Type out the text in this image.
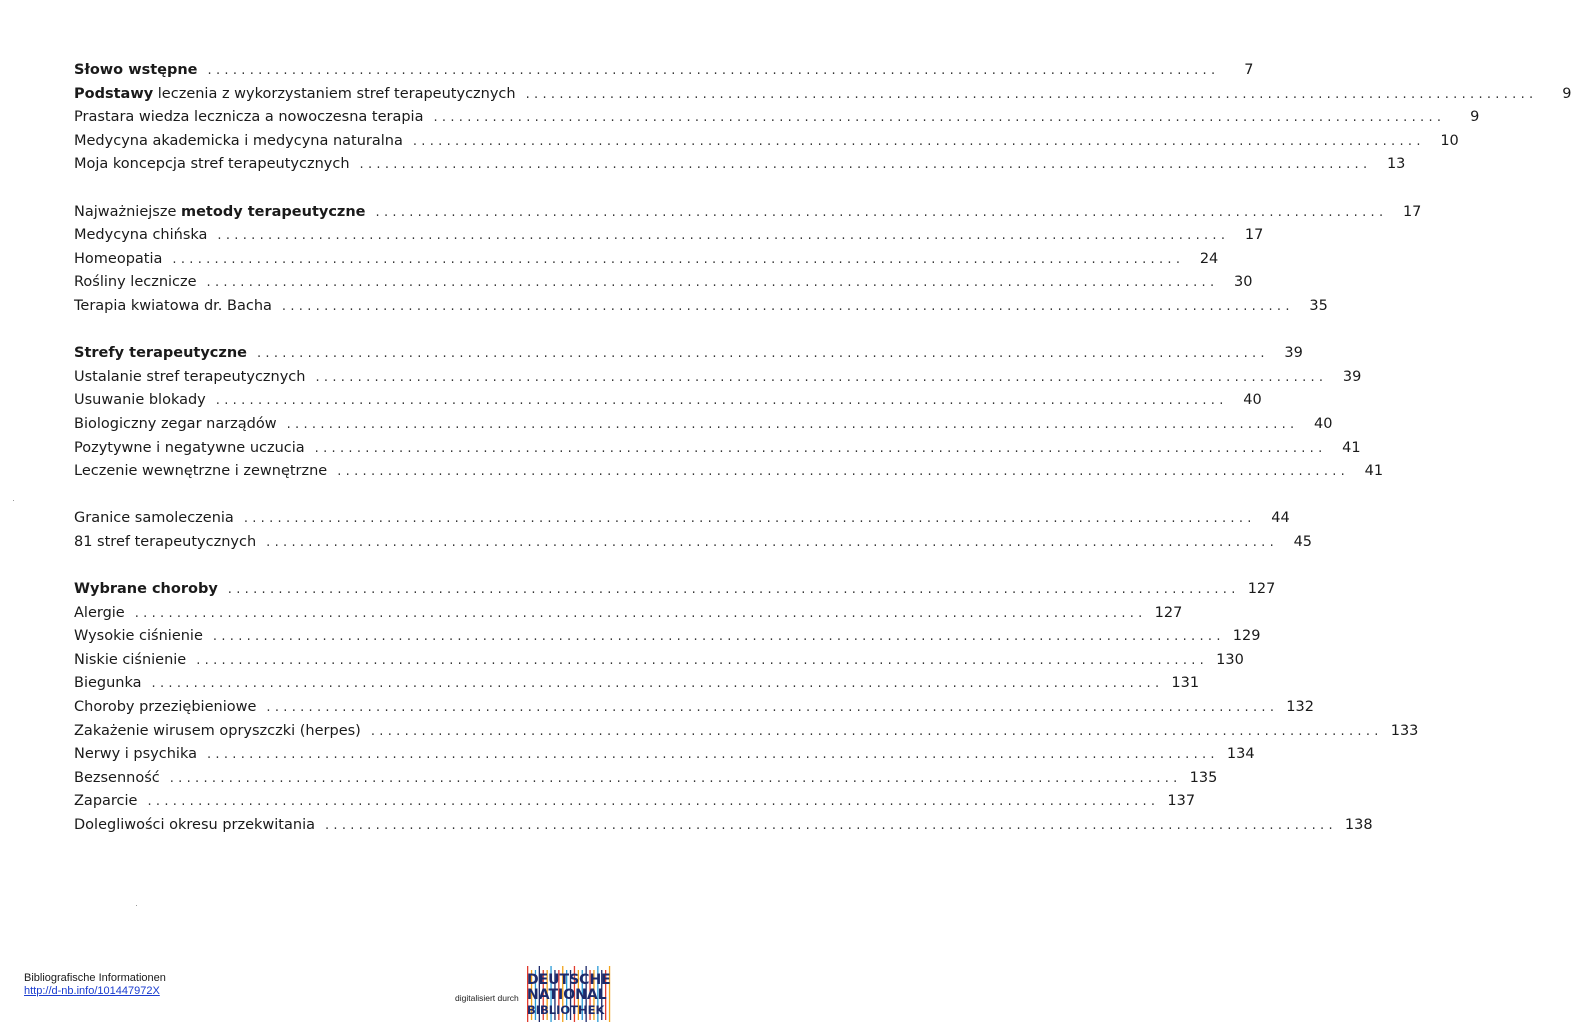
Słowo wstępne ........................................................................................................................	7
Podstawy leczenia z wykorzystaniem stref terapeutycznych ........................................................................................................................	9
Prastara wiedza lecznicza a nowoczesna terapia ........................................................................................................................	9
Medycyna akademicka i medycyna naturalna ........................................................................................................................	10
Moja koncepcja stref terapeutycznych ........................................................................................................................	13
Najważniejsze metody terapeutyczne ........................................................................................................................	17
Medycyna chińska ........................................................................................................................	17
Homeopatia ........................................................................................................................	24
Rośliny lecznicze ........................................................................................................................	30
Terapia kwiatowa dr. Bacha ........................................................................................................................	35
Strefy terapeutyczne ........................................................................................................................	39
Ustalanie stref terapeutycznych ........................................................................................................................	39
Usuwanie blokady ........................................................................................................................	40
Biologiczny zegar narządów ........................................................................................................................	40
Pozytywne i negatywne uczucia ........................................................................................................................	41
Leczenie wewnętrzne i zewnętrzne ........................................................................................................................	41
Granice samoleczenia ........................................................................................................................	44
81 stref terapeutycznych ........................................................................................................................	45
Wybrane choroby ........................................................................................................................ 127
Alergie ........................................................................................................................ 127
Wysokie ciśnienie ........................................................................................................................ 129
Niskie ciśnienie ........................................................................................................................ 130
Biegunka ........................................................................................................................ 131
Choroby przeziębieniowe ........................................................................................................................ 132
Zakażenie wirusem opryszczki (herpes) ........................................................................................................................ 133
Nerwy i psychika ........................................................................................................................ 134
Bezsenność ........................................................................................................................ 135
Zaparcie ........................................................................................................................ 137
Dolegliwości okresu przekwitania ........................................................................................................................ 138
Bibliografische Informationen
http://d-nb.info/101447972X
digitalisiert durch
DEUTSCHE
NATIONAL
BIBLIOTHEK
